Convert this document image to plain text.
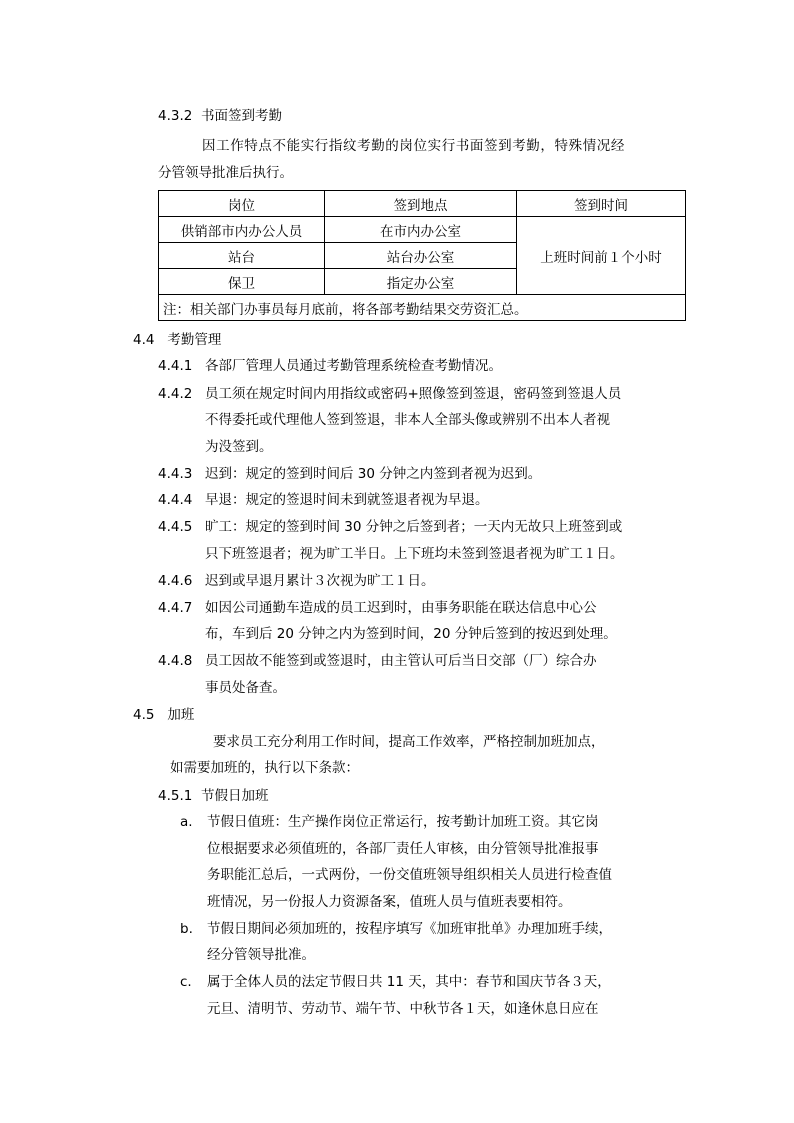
4.3.2 书面签到考勤
因工作特点不能实行指纹考勤的岗位实行书面签到考勤，特殊情况经
分管领导批准后执行。
岗位	签到地点	签到时间
供销部市内办公人员	在市内办公室	上班时间前１个小时
站台	站台办公室	
保卫	指定办公室	
注：相关部门办事员每月底前，将各部考勤结果交劳资汇总。		
4.4 考勤管理
4.4.1 各部厂管理人员通过考勤管理系统检查考勤情况。
4.4.2 员工须在规定时间内用指纹或密码+照像签到签退，密码签到签退人员
不得委托或代理他人签到签退，非本人全部头像或辨别不出本人者视
为没签到。
4.4.3 迟到：规定的签到时间后 30 分钟之内签到者视为迟到。
4.4.4 早退：规定的签退时间未到就签退者视为早退。
4.4.5 旷工：规定的签到时间 30 分钟之后签到者；一天内无故只上班签到或
只下班签退者；视为旷工半日。上下班均未签到签退者视为旷工１日。
4.4.6 迟到或早退月累计３次视为旷工１日。
4.4.7 如因公司通勤车造成的员工迟到时，由事务职能在联达信息中心公
布，车到后 20 分钟之内为签到时间，20 分钟后签到的按迟到处理。
4.4.8 员工因故不能签到或签退时，由主管认可后当日交部（厂）综合办
事员处备查。
4.5 加班
要求员工充分利用工作时间，提高工作效率，严格控制加班加点，
如需要加班的，执行以下条款：
4.5.1 节假日加班
a. 节假日值班：生产操作岗位正常运行，按考勤计加班工资。其它岗
位根据要求必须值班的，各部厂责任人审核，由分管领导批准报事
务职能汇总后，一式两份，一份交值班领导组织相关人员进行检查值
班情况，另一份报人力资源备案，值班人员与值班表要相符。
b. 节假日期间必须加班的，按程序填写《加班审批单》办理加班手续，
经分管领导批准。
c. 属于全体人员的法定节假日共 11 天，其中：春节和国庆节各３天，
元旦、清明节、劳动节、端午节、中秋节各１天，如逢休息日应在
